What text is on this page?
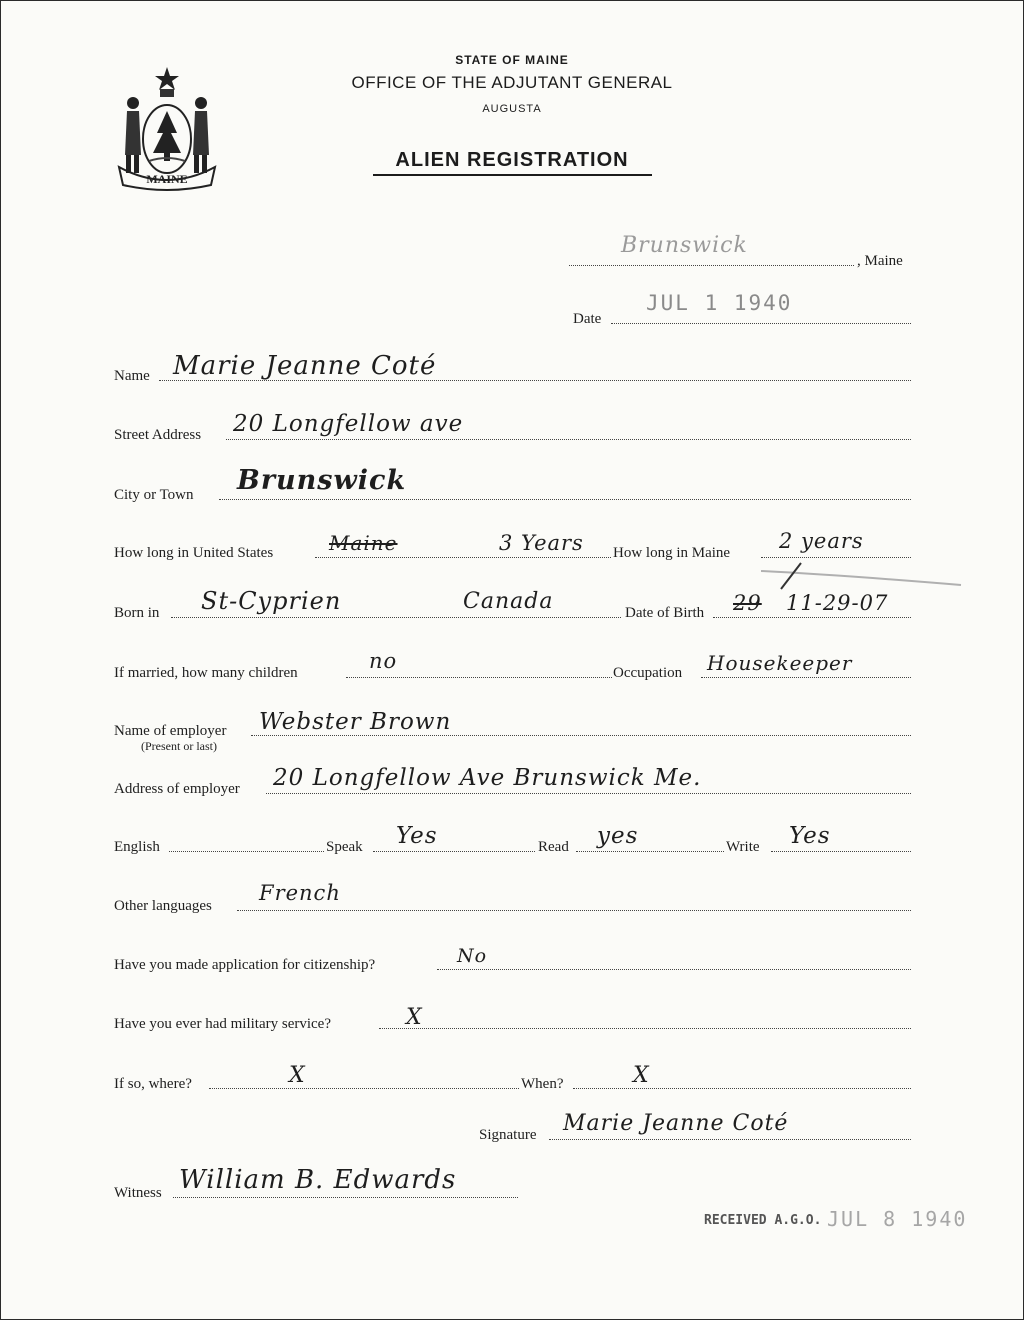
MAINE
STATE OF MAINE
OFFICE OF THE ADJUTANT GENERAL
AUGUSTA
ALIEN REGISTRATION
Brunswick
, Maine
Date
JUL 1 1940
Name Marie Jeanne Coté
Street Address 20 Longfellow ave
City or Town Brunswick
How long in United States	Maine	3 Years How long in Maine 2 years
Born in St-Cyprien	Canada	Date of Birth 29 11-29-07
If married, how many children	no	Occupation Housekeeper
Name of employer
(Present or last)
Webster Brown
Address of employer 20 Longfellow Ave Brunswick Me.
English	Speak Yes	Read yes	Write Yes
Other languages
French
Have you made application for citizenship?	No
Have you ever had military service?	X
If so, where?	X	When?	X
Signature Marie Jeanne Coté
Witness William B. Edwards
RECEIVED A.G.O. JUL 8 1940
